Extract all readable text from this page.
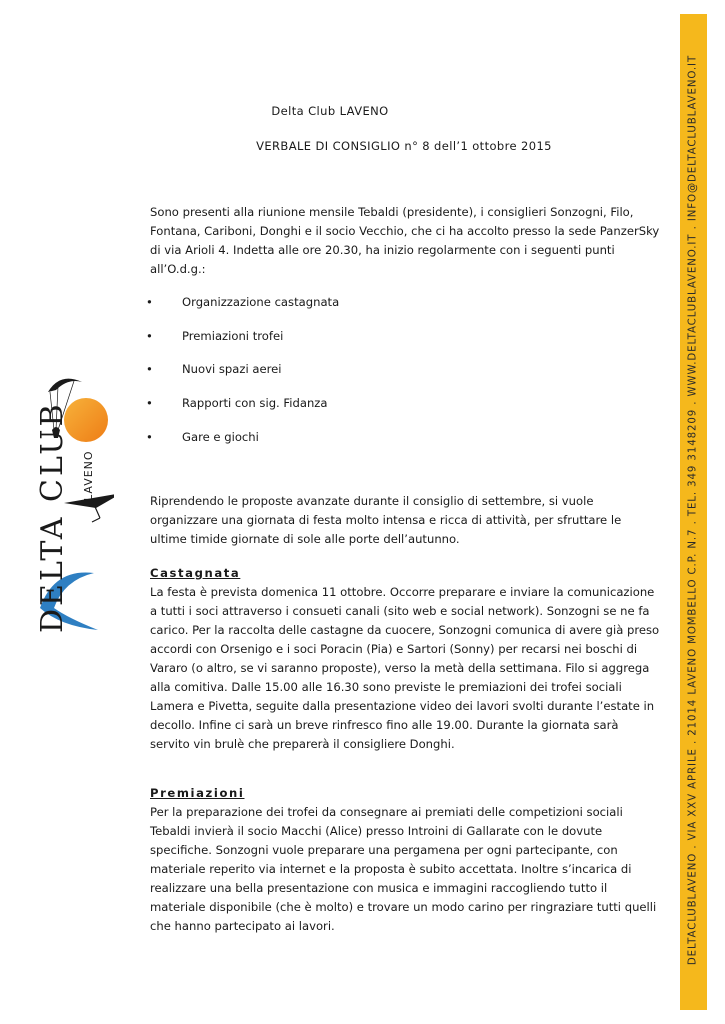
DELTACLUBLAVENO . VIA XXV APRILE . 21014 LAVENO MOMBELLO C.P. N.7 . TEL. 349 3148209 . WWW.DELTACLUBLAVENO.IT . INFO@DELTACLUBLAVENO.IT
DELTA CLUB LAVENO
Delta Club LAVENO
VERBALE DI CONSIGLIO n° 8 dell’1 ottobre 2015

Sono presenti alla riunione mensile Tebaldi (presidente), i consiglieri Sonzogni, Filo, Fontana, Cariboni, Donghi e il socio Vecchio, che ci ha accolto presso la sede PanzerSky di via Arioli 4. Indetta alle ore 20.30, ha inizio regolarmente con i seguenti punti all’O.d.g.:

•	Organizzazione castagnata
•	Premiazioni trofei
•	Nuovi spazi aerei
•	Rapporti con sig. Fidanza
•	Gare e giochi

Riprendendo le proposte avanzate durante il consiglio di settembre, si vuole organizzare una giornata di festa molto intensa e ricca di attività, per sfruttare le ultime timide giornate di sole alle porte dell’autunno.

Castagnata

La festa è prevista domenica 11 ottobre. Occorre preparare e inviare la comunicazione a tutti i soci attraverso i consueti canali (sito web e social network). Sonzogni se ne fa carico. Per la raccolta delle castagne da cuocere, Sonzogni comunica di avere già preso accordi con Orsenigo e i soci Poracin (Pia) e Sartori (Sonny) per recarsi nei boschi di Vararo (o altro, se vi saranno proposte), verso la metà della settimana. Filo si aggrega alla comitiva. Dalle 15.00 alle 16.30 sono previste le premiazioni dei trofei sociali Lamera e Pivetta, seguite dalla presentazione video dei lavori svolti durante l’estate in decollo. Infine ci sarà un breve rinfresco fino alle 19.00. Durante la giornata sarà servito vin brulè che preparerà il consigliere Donghi.

Premiazioni

Per la preparazione dei trofei da consegnare ai premiati delle competizioni sociali Tebaldi invierà il socio Macchi (Alice) presso Introini di Gallarate con le dovute specifiche. Sonzogni vuole preparare una pergamena per ogni partecipante, con materiale reperito via internet e la proposta è subito accettata. Inoltre s’incarica di realizzare una bella presentazione con musica e immagini raccogliendo tutto il materiale disponibile (che è molto) e trovare un modo carino per ringraziare tutti quelli che hanno partecipato ai lavori.
